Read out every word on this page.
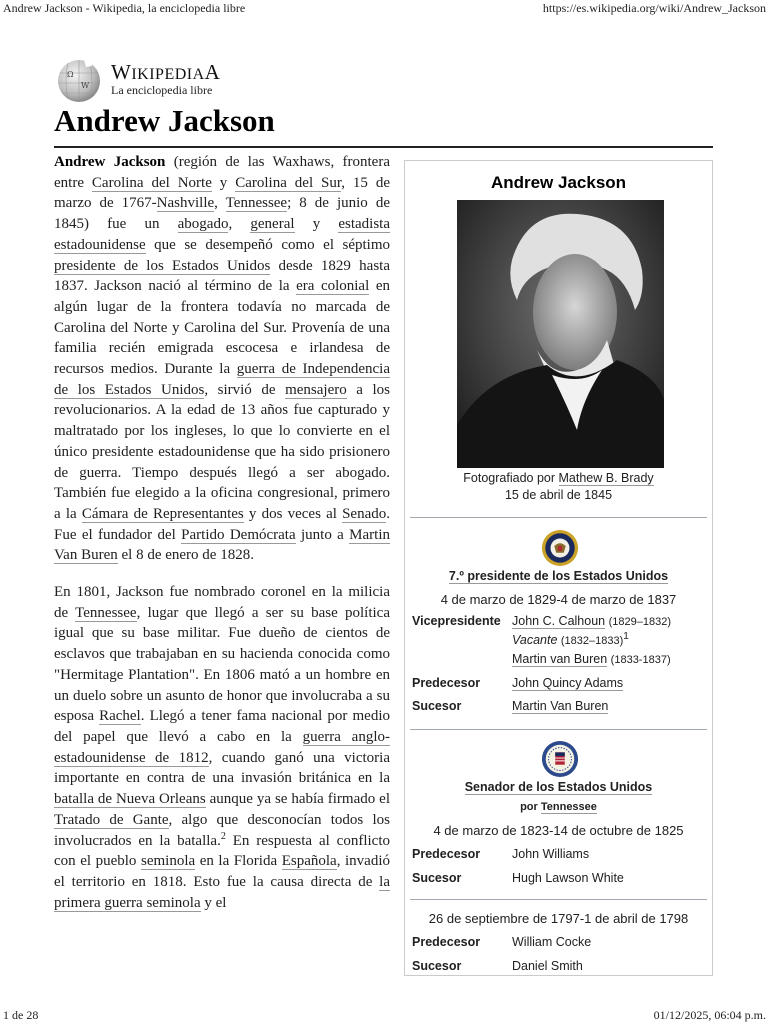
Andrew Jackson - Wikipedia, la enciclopedia libre	https://es.wikipedia.org/wiki/Andrew_Jackson
1 de 28	01/12/2025, 06:04 p.m.
Ω
W
WIKIPEDIAA
La enciclopedia libre
Andrew Jackson

Andrew Jackson (región de las Waxhaws, frontera entre Carolina del Norte y Carolina del Sur, 15 de marzo de 1767-Nashville, Tennessee; 8 de junio de 1845) fue un abogado, general y estadista estadounidense que se desempeñó como el séptimo presidente de los Estados Unidos desde 1829 hasta 1837. Jackson nació al término de la era colonial en algún lugar de la frontera todavía no marcada de Carolina del Norte y Carolina del Sur. Provenía de una familia recién emigrada escocesa e irlandesa de recursos medios. Durante la guerra de Independencia de los Estados Unidos, sirvió de mensajero a los revolucionarios. A la edad de 13 años fue capturado y maltratado por los ingleses, lo que lo convierte en el único presidente estadounidense que ha sido prisionero de guerra. Tiempo después llegó a ser abogado. También fue elegido a la oficina congresional, primero a la Cámara de Representantes y dos veces al Senado. Fue el fundador del Partido Demócrata junto a Martin Van Buren el 8 de enero de 1828.

En 1801, Jackson fue nombrado coronel en la milicia de Tennessee, lugar que llegó a ser su base política igual que su base militar. Fue dueño de cientos de esclavos que trabajaban en su hacienda conocida como "Hermitage Plantation". En 1806 mató a un hombre en un duelo sobre un asunto de honor que involucraba a su esposa Rachel. Llegó a tener fama nacional por medio del papel que llevó a cabo en la guerra anglo-estadounidense de 1812, cuando ganó una victoria importante en contra de una invasión británica en la batalla de Nueva Orleans aunque ya se había firmado el Tratado de Gante, algo que desconocían todos los involucrados en la batalla.$^2$ En respuesta al conflicto con el pueblo seminola en la Florida Española, invadió el territorio en 1818. Esto fue la causa directa de la primera guerra seminola y el

Andrew Jackson
Fotografiado por Mathew B. Brady
15 de abril de 1845
7.º presidente de los Estados Unidos
4 de marzo de 1829-4 de marzo de 1837
Vicepresidente John C. Calhoun (1829–1832)
Vacante (1832–1833)$^1$
Martin van Buren (1833-1837)
Predecesor	John Quincy Adams
Sucesor	Martin Van Buren
Senador de los Estados Unidos
por Tennessee
4 de marzo de 1823-14 de octubre de 1825
Predecesor	John Williams
Sucesor	Hugh Lawson White
26 de septiembre de 1797-1 de abril de 1798
Predecesor	William Cocke
Sucesor	Daniel Smith
